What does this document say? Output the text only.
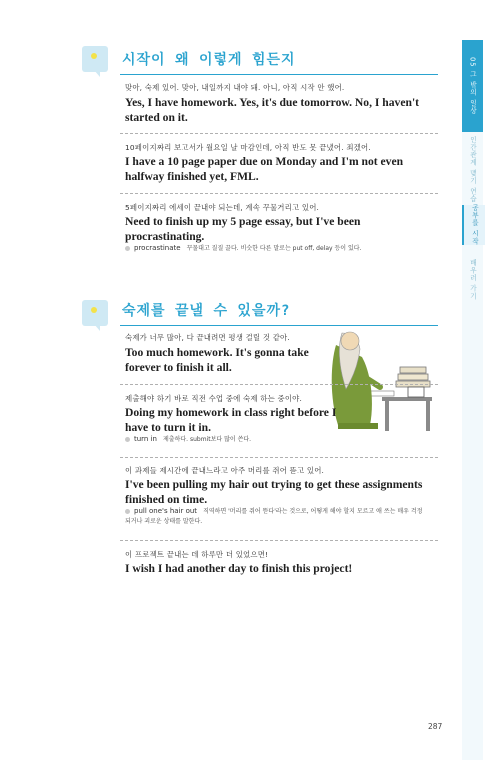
05 그 밖의 일상
인간관계 맺기 연습
공부를 시작
배우러 가기
시작이 왜 이렇게 힘든지
맞아, 숙제 있어. 맞아, 내일까지 내야 돼. 아니, 아직 시작 안 했어.
Yes, I have homework. Yes, it's due tomorrow. No, I haven't started on it.
10페이지짜리 보고서가 월요일 날 마감인데, 아직 반도 못 끝냈어. 죄겠어.
I have a 10 page paper due on Monday and I'm not even halfway finished yet, FML.
5페이지짜리 에세이 끝내야 되는데, 계속 꾸물거리고 있어.
Need to finish up my 5 page essay, but I've been procrastinating.
procrastinate 꾸물대고 질질 끌다. 비슷한 다른 말로는 put off, delay 등이 있다.
숙제를 끝낼 수 있을까?
숙제가 너무 많아, 다 끝내려면 평생 걸릴 것 같아.
Too much homework. It's gonna take forever to finish it all.
제출해야 하기 바로 직전 수업 중에 숙제 하는 중이야.
Doing my homework in class right before I have to turn it in.
turn in 제출하다. submit보다 많이 쓴다.
이 과제들 제시간에 끝내느라고 아주 머리를 쥐어 뜯고 있어.
I've been pulling my hair out trying to get these assignments finished on time.
pull one's hair out 직역하면 '머리를 쥐어 뜯다'라는 것으로, 어떻게 해야 할지 모르고 애 쓰는 매우 걱정되거나 괴로운 상태를 말한다.
이 프로젝트 끝내는 데 하루만 더 있었으면!
I wish I had another day to finish this project!
287
